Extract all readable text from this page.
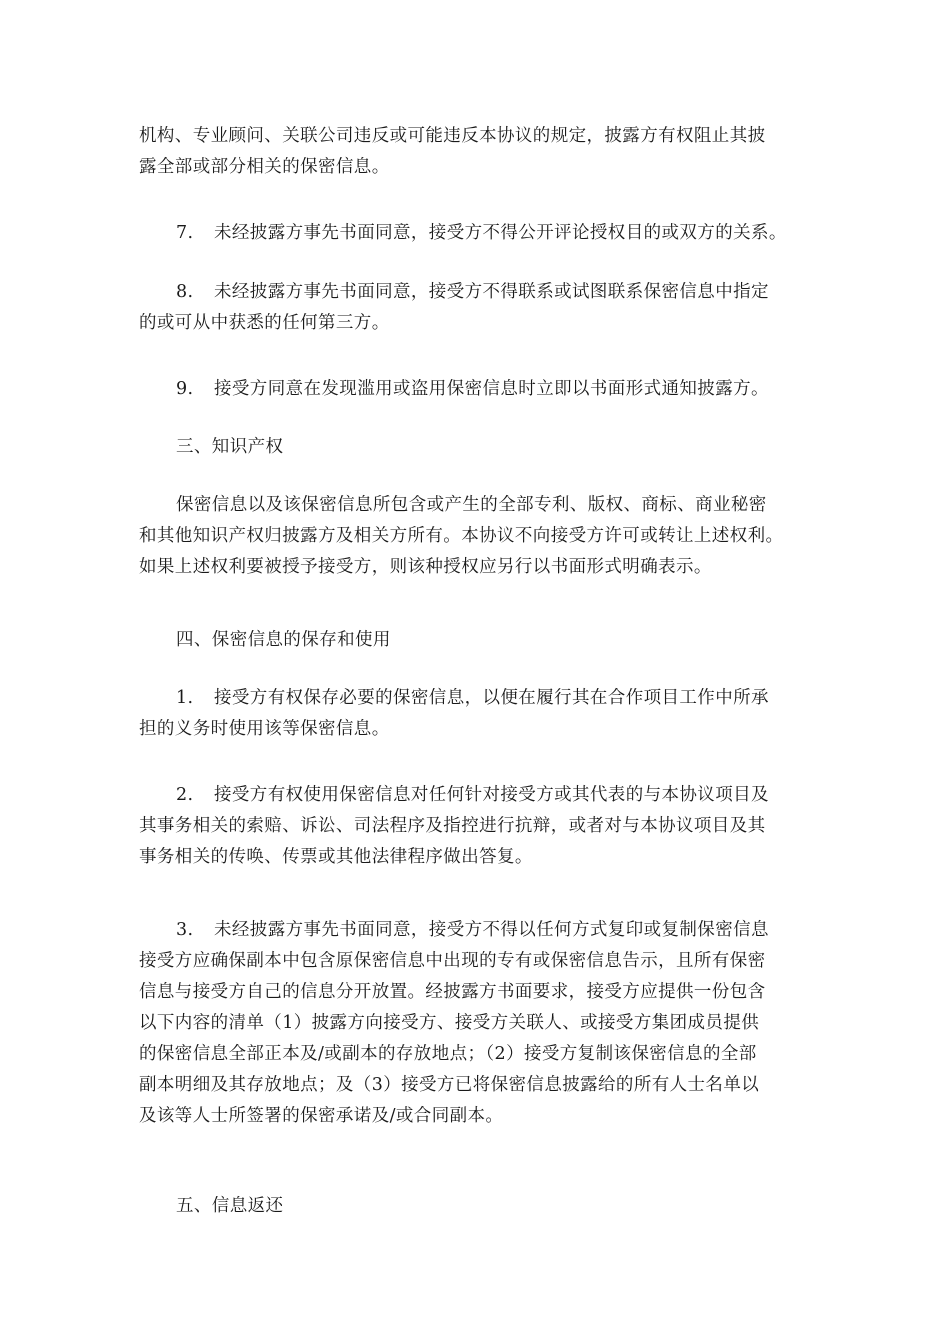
机构、专业顾问、关联公司违反或可能违反本协议的规定，披露方有权阻止其披
露全部或部分相关的保密信息。
7. 未经披露方事先书面同意，接受方不得公开评论授权目的或双方的关系。
8. 未经披露方事先书面同意，接受方不得联系或试图联系保密信息中指定
的或可从中获悉的任何第三方。
9. 接受方同意在发现滥用或盗用保密信息时立即以书面形式通知披露方。
三、知识产权
保密信息以及该保密信息所包含或产生的全部专利、版权、商标、商业秘密
和其他知识产权归披露方及相关方所有。本协议不向接受方许可或转让上述权利。
如果上述权利要被授予接受方，则该种授权应另行以书面形式明确表示。
四、保密信息的保存和使用
1. 接受方有权保存必要的保密信息，以便在履行其在合作项目工作中所承
担的义务时使用该等保密信息。
2. 接受方有权使用保密信息对任何针对接受方或其代表的与本协议项目及
其事务相关的索赔、诉讼、司法程序及指控进行抗辩，或者对与本协议项目及其
事务相关的传唤、传票或其他法律程序做出答复。
3. 未经披露方事先书面同意，接受方不得以任何方式复印或复制保密信息
接受方应确保副本中包含原保密信息中出现的专有或保密信息告示，且所有保密
信息与接受方自己的信息分开放置。经披露方书面要求，接受方应提供一份包含
以下内容的清单（1）披露方向接受方、接受方关联人、或接受方集团成员提供
的保密信息全部正本及/或副本的存放地点；（2）接受方复制该保密信息的全部
副本明细及其存放地点；及（3）接受方已将保密信息披露给的所有人士名单以
及该等人士所签署的保密承诺及/或合同副本。
五、信息返还
